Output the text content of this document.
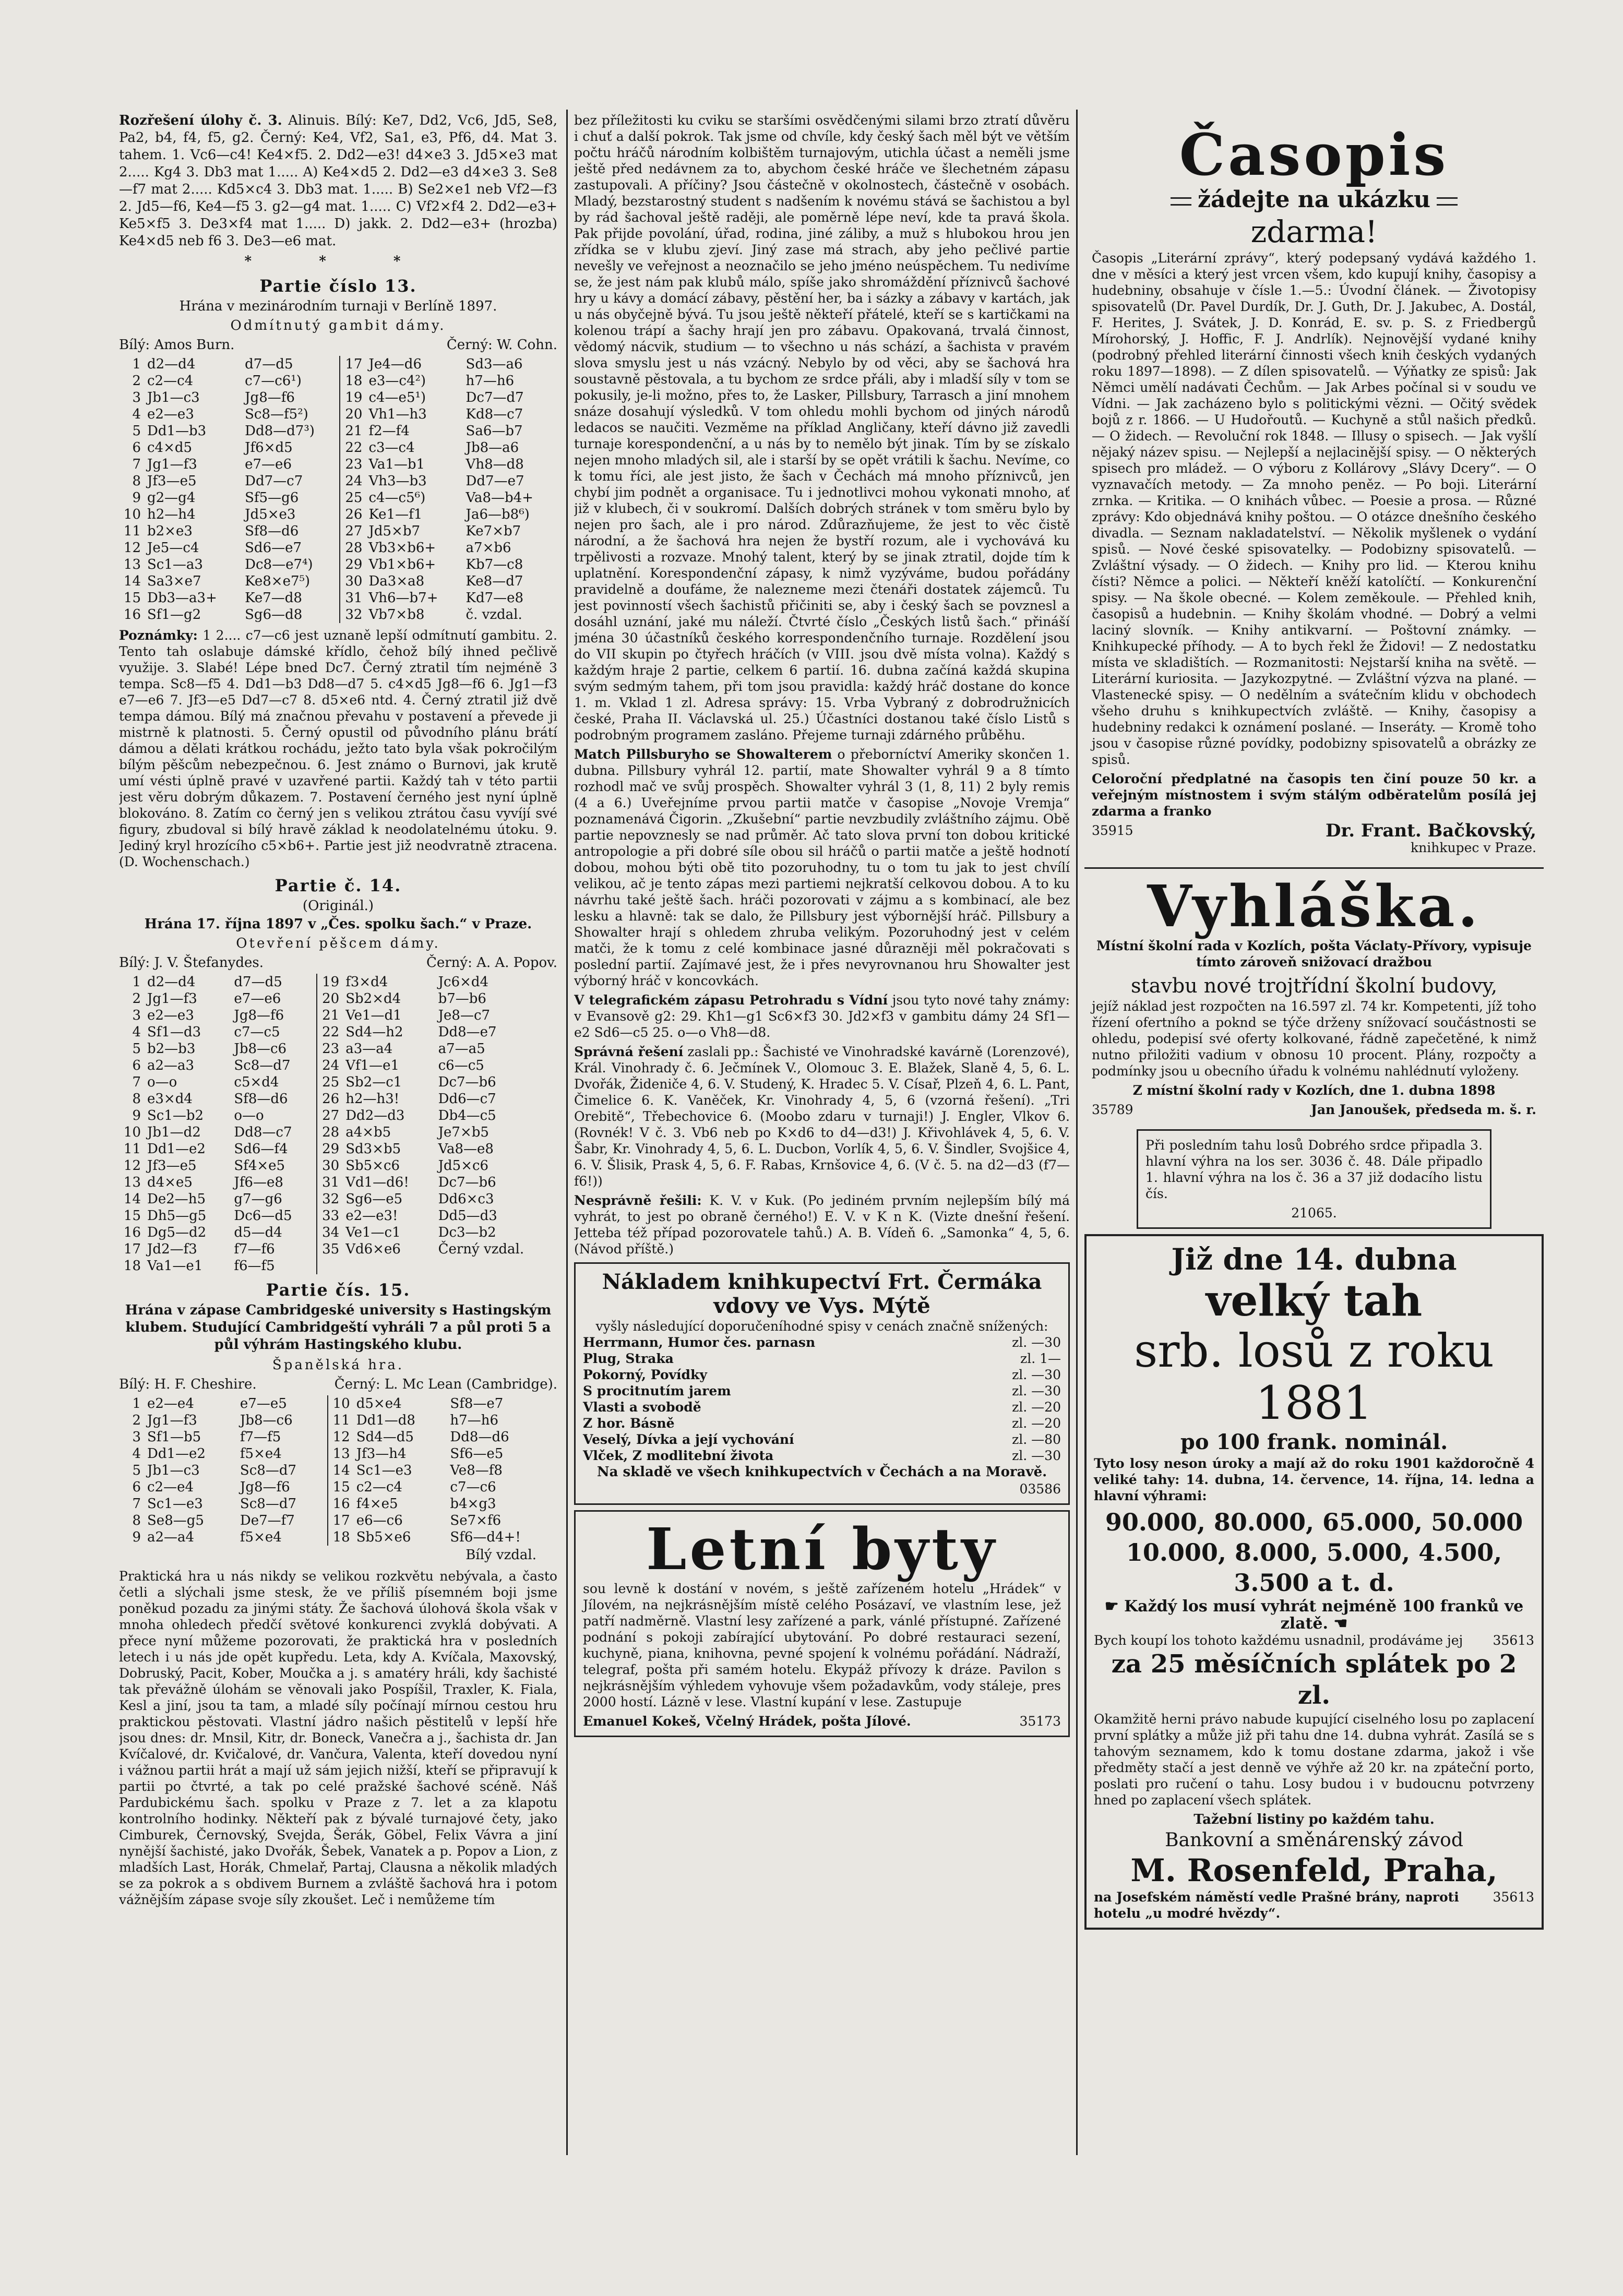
Rozřešení úlohy č. 3. Alinuis. Bílý: Ke7, Dd2, Vc6, Jd5, Se8, Pa2, b4, f4, f5, g2. Černý: Ke4, Vf2, Sa1, e3, Pf6, d4. Mat 3. tahem. 1. Vc6—c4! Ke4×f5. 2. Dd2—e3! d4×e3 3. Jd5×e3 mat 2..... Kg4 3. Db3 mat 1..... A) Ke4×d5 2. Dd2—e3 d4×e3 3. Se8—f7 mat 2..... Kd5×c4 3. Db3 mat. 1..... B) Se2×e1 neb Vf2—f3 2. Jd5—f6, Ke4—f5 3. g2—g4 mat. 1..... C) Vf2×f4 2. Dd2—e3+ Ke5×f5 3. De3×f4 mat 1..... D) jakk. 2. Dd2—e3+ (hrozba) Ke4×d5 neb f6 3. De3—e6 mat.

* * *
Partie číslo 13.
Hrána v mezinárodním turnaji v Berlíně 1897.
Odmítnutý gambit dámy.
Bílý: Amos Burn.	Černý: W. Cohn.
1	d2—d4	d7—d5	17	Je4—d6	Sd3—a6
2	c2—c4	c7—c6¹)	18	e3—c4²)	h7—h6
3	Jb1—c3	Jg8—f6	19	c4—e5¹)	Dc7—d7
4	e2—e3	Sc8—f5²)	20	Vh1—h3	Kd8—c7
5	Dd1—b3	Dd8—d7³)	21	f2—f4	Sa6—b7
6	c4×d5	Jf6×d5	22	c3—c4	Jb8—a6
7	Jg1—f3	e7—e6	23	Va1—b1	Vh8—d8
8	Jf3—e5	Dd7—c7	24	Vh3—b3	Dd7—e7
9	g2—g4	Sf5—g6	25	c4—c5⁶)	Va8—b4+
10	h2—h4	Jd5×e3	26	Ke1—f1	Ja6—b8⁶)
11	b2×e3	Sf8—d6	27	Jd5×b7	Ke7×b7
12	Je5—c4	Sd6—e7	28	Vb3×b6+	a7×b6
13	Sc1—a3	Dc8—e7⁴)	29	Vb1×b6+	Kb7—c8
14	Sa3×e7	Ke8×e7⁵)	30	Da3×a8	Ke8—d7
15	Db3—a3+	Ke7—d8	31	Vh6—b7+	Kd7—e8
16	Sf1—g2	Sg6—d8	32	Vb7×b8	č. vzdal.

Poznámky: 1 2.... c7—c6 jest uznaně lepší odmítnutí gambitu. 2. Tento tah oslabuje dámské křídlo, čehož bílý ihned pečlivě využije. 3. Slabé! Lépe bned Dc7. Černý ztratil tím nejméně 3 tempa. Sc8—f5 4. Dd1—b3 Dd8—d7 5. c4×d5 Jg8—f6 6. Jg1—f3 e7—e6 7. Jf3—e5 Dd7—c7 8. d5×e6 ntd. 4. Černý ztratil již dvě tempa dámou. Bílý má značnou převahu v postavení a převede ji mistrně k platnosti. 5. Černý opustil od původního plánu brátí dámou a dělati krátkou rochádu, ježto tato byla však pokročilým bílým pěšcům nebezpečnou. 6. Jest známo o Burnovi, jak krutě umí vésti úplně pravé v uzavřené partii. Každý tah v této partii jest věru dobrým důkazem. 7. Postavení černého jest nyní úplně blokováno. 8. Zatím co černý jen s velikou ztrátou času vyvíjí své figury, zbudoval si bílý hravě základ k neodolatelnému útoku. 9. Jediný kryl hrozícího c5×b6+. Partie jest již neodvratně ztracena. (D. Wochenschach.)

Partie č. 14.
(Originál.)
Hrána 17. října 1897 v „Čes. spolku šach.“ v Praze.
Otevření pěšcem dámy.
Bílý: J. V. Štefanydes.	Černý: A. A. Popov.
1	d2—d4	d7—d5	19	f3×d4	Jc6×d4
2	Jg1—f3	e7—e6	20	Sb2×d4	b7—b6
3	e2—e3	Jg8—f6	21	Ve1—d1	Je8—c7
4	Sf1—d3	c7—c5	22	Sd4—h2	Dd8—e7
5	b2—b3	Jb8—c6	23	a3—a4	a7—a5
6	a2—a3	Sc8—d7	24	Vf1—e1	c6—c5
7	o—o	c5×d4	25	Sb2—c1	Dc7—b6
8	e3×d4	Sf8—d6	26	h2—h3!	Dd6—c7
9	Sc1—b2	o—o	27	Dd2—d3	Db4—c5
10	Jb1—d2	Dd8—c7	28	a4×b5	Je7×b5
11	Dd1—e2	Sd6—f4	29	Sd3×b5	Va8—e8
12	Jf3—e5	Sf4×e5	30	Sb5×c6	Jd5×c6
13	d4×e5	Jf6—e8	31	Vd1—d6!	Dc7—b6
14	De2—h5	g7—g6	32	Sg6—e5	Dd6×c3
15	Dh5—g5	Dc6—d5	33	e2—e3!	Dd5—d3
16	Dg5—d2	d5—d4	34	Ve1—c1	Dc3—b2
17	Jd2—f3	f7—f6	35	Vd6×e6	Černý vzdal.
18	Va1—e1	f6—f5			
Partie čís. 15.

Hrána v zápase Cambridgeské university s Hastingským klubem. Studující Cambridgeští vyhráli 7 a půl proti 5 a půl výhrám Hastingského klubu.

Španělská hra.
Bílý: H. F. Cheshire.	Černý: L. Mc Lean (Cambridge).
1	e2—e4	e7—e5	10	d5×e4	Sf8—e7
2	Jg1—f3	Jb8—c6	11	Dd1—d8	h7—h6
3	Sf1—b5	f7—f5	12	Sd4—d5	Dd8—d6
4	Dd1—e2	f5×e4	13	Jf3—h4	Sf6—e5
5	Jb1—c3	Sc8—d7	14	Sc1—e3	Ve8—f8
6	c2—e4	Jg8—f6	15	c2—c4	c7—c6
7	Sc1—e3	Sc8—d7	16	f4×e5	b4×g3
8	Se8—g5	De7—f7	17	e6—c6	Se7×f6
9	a2—a4	f5×e4	18	Sb5×e6	Sf6—d4+!
Bílý vzdal.

Praktická hra u nás nikdy se velikou rozkvětu nebývala, a často četli a slýchali jsme stesk, že ve příliš písemném boji jsme poněkud pozadu za jinými státy. Že šachová úlohová škola však v mnoha ohledech předčí světové konkurenci zvyklá dobývati. A přece nyní můžeme pozorovati, že praktická hra v posledních letech i u nás jde opět kupředu. Leta, kdy A. Kvíčala, Maxovský, Dobruský, Pacit, Kober, Moučka a j. s amatéry hráli, kdy šachisté tak převážně úlohám se věnovali jako Pospíšil, Traxler, K. Fiala, Kesl a jiní, jsou ta tam, a mladé síly počínají mírnou cestou hru praktickou pěstovati. Vlastní jádro našich pěstitelů v lepší hře jsou dnes: dr. Mnsil, Kitr, dr. Boneck, Vanečra a j., šachista dr. Jan Kvíčalové, dr. Kvičalové, dr. Vančura, Valenta, kteří dovedou nyní i vážnou partii hrát a mají už sám jejich nižší, kteří se připravují k partii po čtvrté, a tak po celé pražské šachové scéně. Náš Pardubickému šach. spolku v Praze z 7. let a za klapotu kontrolního hodinky. Někteří pak z bývalé turnajové čety, jako Cimburek, Černovský, Svejda, Šerák, Göbel, Felix Vávra a jiní nynější šachisté, jako Dvořák, Šebek, Vanatek a p. Popov a Lion, z mladších Last, Horák, Chmelař, Partaj, Clausna a několik mladých se za pokrok a s obdivem Burnem a zvláště šachová hra i potom vážnějším zápase svoje síly zkoušet. Leč i nemůžeme tím

bez příležitosti ku cviku se staršími osvědčenými silami brzo ztratí důvěru i chuť a další pokrok. Tak jsme od chvíle, kdy český šach měl být ve větším počtu hráčů národním kolbištěm turnajovým, utichla účast a neměli jsme ještě před nedávnem za to, abychom české hráče ve šlechetném zápasu zastupovali. A příčiny? Jsou částečně v okolnostech, částečně v osobách. Mladý, bezstarostný student s nadšením k novému stává se šachistou a byl by rád šachoval ještě raději, ale poměrně lépe neví, kde ta pravá škola. Pak přijde povolání, úřad, rodina, jiné záliby, a muž s hlubokou hrou jen zřídka se v klubu zjeví. Jiný zase má strach, aby jeho pečlivé partie nevešly ve veřejnost a neoznačilo se jeho jméno neúspěchem. Tu nedivíme se, že jest nám pak klubů málo, spíše jako shromáždění příznivců šachové hry u kávy a domácí zábavy, pěstění her, ba i sázky a zábavy v kartách, jak u nás obyčejně bývá. Tu jsou ještě někteří přátelé, kteří se s kartičkami na kolenou trápí a šachy hrají jen pro zábavu. Opakovaná, trvalá činnost, vědomý nácvik, studium — to všechno u nás schází, a šachista v pravém slova smyslu jest u nás vzácný. Nebylo by od věci, aby se šachová hra soustavně pěstovala, a tu bychom ze srdce přáli, aby i mladší síly v tom se pokusily, je-li možno, přes to, že Lasker, Pillsbury, Tarrasch a jiní mnohem snáze dosahují výsledků. V tom ohledu mohli bychom od jiných národů ledacos se naučiti. Vezměme na příklad Angličany, kteří dávno již zavedli turnaje korespondenční, a u nás by to nemělo být jinak. Tím by se získalo nejen mnoho mladých sil, ale i starší by se opět vrátili k šachu. Nevíme, co k tomu říci, ale jest jisto, že šach v Čechách má mnoho příznivců, jen chybí jim podnět a organisace. Tu i jednotlivci mohou vykonati mnoho, ať již v klubech, či v soukromí. Dalších dobrých stránek v tom směru bylo by nejen pro šach, ale i pro národ. Zdůrazňujeme, že jest to věc čistě národní, a že šachová hra nejen že bystří rozum, ale i vychovává ku trpělivosti a rozvaze. Mnohý talent, který by se jinak ztratil, dojde tím k uplatnění. Korespondenční zápasy, k nimž vyzýváme, budou pořádány pravidelně a doufáme, že nalezneme mezi čtenáři dostatek zájemců. Tu jest povinností všech šachistů přičiniti se, aby i český šach se povznesl a dosáhl uznání, jaké mu náleží. Čtvrté číslo „Českých listů šach.“ přináší jména 30 účastníků českého korrespondenčního turnaje. Rozdělení jsou do VII skupin po čtyřech hráčích (v VIII. jsou dvě místa volna). Každý s každým hraje 2 partie, celkem 6 partií. 16. dubna začíná každá skupina svým sedmým tahem, při tom jsou pravidla: každý hráč dostane do konce 1. m. Vklad 1 zl. Adresa správy: 15. Vrba Vybraný z dobrodružnicích české, Praha II. Václavská ul. 25.) Účastníci dostanou také číslo Listů s podrobným programem zasláno. Přejeme turnaji zdárného průběhu.

Match Pillsburyho se Showalterem o přeborníctví Ameriky skončen 1. dubna. Pillsbury vyhrál 12. partií, mate Showalter vyhrál 9 a 8 tímto rozhodl mač ve svůj prospěch. Showalter vyhrál 3 (1, 8, 11) 2 byly remis (4 a 6.) Uveřejníme prvou partii matče v časopise „Novoje Vremja“ poznamenává Čigorin. „Zkušební“ partie nevzbudily zvláštního zájmu. Obě partie nepovznesly se nad průměr. Ač tato slova první ton dobou kritické antropologie a při dobré síle obou sil hráčů o partii matče a ještě hodnotí dobou, mohou býti obě tito pozoruhodny, tu o tom tu jak to jest chvílí velikou, ač je tento zápas mezi partiemi nejkratší celkovou dobou. A to ku návrhu také ještě šach. hráči pozorovati v zájmu a s kombinací, ale bez lesku a hlavně: tak se dalo, že Pillsbury jest výbornější hráč. Pillsbury a Showalter hrají s ohledem zhruba velikým. Pozoruhodný jest v celém matči, že k tomu z celé kombinace jasné důrazněji měl pokračovati s poslední partií. Zajímavé jest, že i přes nevyrovnanou hru Showalter jest výborný hráč v koncovkách.

V telegrafickém zápasu Petrohradu s Vídní jsou tyto nové tahy známy: v Evansově g2: 29. Kh1—g1 Sc6×f3 30. Jd2×f3 v gambitu dámy 24 Sf1—e2 Sd6—c5 25. o—o Vh8—d8.

Správná řešení zaslali pp.: Šachisté ve Vinohradské kavárně (Lorenzové), Král. Vinohrady č. 6. Ječmínek V., Olomouc 3. E. Blažek, Slaně 4, 5, 6. L. Dvořák, Žideniče 4, 6. V. Studený, K. Hradec 5. V. Císař, Plzeň 4, 6. L. Pant, Čimelice 6. K. Vaněček, Kr. Vinohrady 4, 5, 6 (vzorná řešení). „Tri Orebitě“, Třebechovice 6. (Moobo zdaru v turnaji!) J. Engler, Vlkov 6. (Rovnék! V č. 3. Vb6 neb po K×d6 to d4—d3!) J. Křivohlávek 4, 5, 6. V. Šabr, Kr. Vinohrady 4, 5, 6. L. Ducbon, Vorlík 4, 5, 6. V. Šindler, Svojšice 4, 6. V. Šlisik, Prask 4, 5, 6. F. Rabas, Krnšovice 4, 6. (V č. 5. na d2—d3 (f7—f6!))

Nesprávně řešili: K. V. v Kuk. (Po jediném prvním nejlepším bílý má vyhrát, to jest po obraně černého!) E. V. v K n K. (Vizte dnešní řešení. Jetteba též případ pozorovatele tahů.) A. B. Vídeň 6. „Samonka“ 4, 5, 6. (Návod příště.)

Nákladem knihkupectví Frt. Čermáka vdovy ve Vys. Mýtě
vyšly následující doporučeníhodné spisy v cenách značně snížených:
Herrmann, Humor čes. parnasn	zl. —30
Plug, Straka	zl. 1—
Pokorný, Povídky	zl. —30
S procitnutím jarem	zl. —30
Vlasti a svobodě	zl. —20
Z hor. Básně	zl. —20
Veselý, Dívka a její vychování	zl. —80
Vlček, Z modlitební života	zl. —30
Na skladě ve všech knihkupectvích v Čechách a na Moravě.
03586
Letní byty

sou levně k dostání v novém, s ještě zařízeném hotelu „Hrádek“ v Jílovém, na nejkrásnějším místě celého Posázaví, ve vlastním lese, jež patří nadměrně. Vlastní lesy zařízené a park, vánlé přístupné. Zařízené podnání s pokoji zabírající ubytování. Po dobré restauraci sezení, kuchyně, piana, knihovna, pevné spojení k volnému pořádání. Nádraží, telegraf, pošta při samém hotelu. Ekypáž přívozy k dráze. Pavilon s nejkrásnějším výhledem vyhovuje všem požadavkům, vody stáleje, pres 2000 hostí. Lázně v lese. Vlastní kupání v lese. Zastupuje

Emanuel Kokeš, Včelný Hrádek, pošta Jílové.	35173
Časopis
žádejte na ukázku
zdarma!

Časopis „Literární zprávy“, který podepsaný vydává každého 1. dne v měsíci a který jest vrcen všem, kdo kupují knihy, časopisy a hudebniny, obsahuje v čísle 1.—5.: Úvodní článek. — Životopisy spisovatelů (Dr. Pavel Durdík, Dr. J. Guth, Dr. J. Jakubec, A. Dostál, F. Herites, J. Svátek, J. D. Konrád, E. sv. p. S. z Friedbergů Mírohorský, J. Hoffic, F. J. Andrlík). Nejnovější vydané knihy (podrobný přehled literární činnosti všech knih českých vydaných roku 1897—1898). — Z dílen spisovatelů. — Výňatky ze spisů: Jak Němci umělí nadávati Čechům. — Jak Arbes počínal si v soudu ve Vídni. — Jak zacházeno bylo s politickými vězni. — Očitý svědek bojů z r. 1866. — U Hudořoutů. — Kuchyně a stůl našich předků. — O židech. — Revoluční rok 1848. — Illusy o spisech. — Jak vyšlí nějaký název spisu. — Nejlepší a nejlacinější spisy. — O některých spisech pro mládež. — O výboru z Kollárovy „Slávy Dcery“. — O vyznavačích metody. — Za mnoho peněz. — Po boji. Literární zrnka. — Kritika. — O knihách vůbec. — Poesie a prosa. — Různé zprávy: Kdo objednává knihy poštou. — O otázce dnešního českého divadla. — Seznam nakladatelství. — Několik myšlenek o vydání spisů. — Nové české spisovatelky. — Podobizny spisovatelů. — Zvláštní výsady. — O židech. — Knihy pro lid. — Kterou knihu čísti? Němce a polici. — Někteří kněží katolíčtí. — Konkurenční spisy. — Na škole obecné. — Kolem zeměkoule. — Přehled knih, časopisů a hudebnin. — Knihy školám vhodné. — Dobrý a velmi laciný slovník. — Knihy antikvarní. — Poštovní známky. — Knihkupecké příhody. — A to bych řekl že Židovi! — Z nedostatku místa ve skladištích. — Rozmanitosti: Nejstarší kniha na světě. — Literární kuriosita. — Jazykozpytné. — Zvláštní výzva na plané. — Vlastenecké spisy. — O nedělním a svátečním klidu v obchodech všeho druhu s knihkupectvích zvláště. — Knihy, časopisy a hudebniny redakci k oznámení poslané. — Inseráty. — Kromě toho jsou v časopise různé povídky, podobizny spisovatelů a obrázky ze spisů.

Celoroční předplatné na časopis ten činí pouze 50 kr. a veřejným místnostem i svým stálým odběratelům posílá jej zdarma a franko

35915	Dr. Frant. Bačkovský,
knihkupec v Praze.
Vyhláška.

Místní školní rada v Kozlích, pošta Václaty-Přívory, vypisuje tímto zároveň snižovací dražbou

stavbu nové trojtřídní školní budovy,

jejíž náklad jest rozpočten na 16.597 zl. 74 kr. Kompetenti, jíž toho řízení ofertního a poknd se týče drženy snížovací součástnosti se ohledu, podepisí své oferty kolkované, řádně zapečetěné, k nimž nutno přiložiti vadium v obnosu 10 procent. Plány, rozpočty a podmínky jsou u obecního úřadu k volnému nahlédnutí vyloženy.

Z místní školní rady v Kozlích, dne 1. dubna 1898

35789	Jan Janoušek, předseda m. š. r.

Při posledním tahu losů Dobrého srdce připadla 3. hlavní výhra na los ser. 3036 č. 48. Dále připadlo 1. hlavní výhra na los č. 36 a 37 již dodacího listu čís.

21065.
Již dne 14. dubna
velký tah
srb. losů z roku 1881
po 100 frank. nominál.

Tyto losy neson úroky a mají až do roku 1901 každoročně 4 veliké tahy: 14. dubna, 14. července, 14. října, 14. ledna a hlavní výhrami:

90.000, 80.000, 65.000, 50.000
10.000, 8.000, 5.000, 4.500,
3.500 a t. d.
☛ Každý los musí vyhrát nejméně 100 franků ve zlatě. ☚
Bych koupí los tohoto každému usnadnil, prodáváme jej 35613
za 25 měsíčních splátek po 2 zl.

Okamžitě hernі právo nabude kupující ciselného losu po zaplacení první splátky a může již při tahu dne 14. dubna vyhrát. Zasílá se s tahovým seznamem, kdo k tomu dostane zdarma, jakož i vše předměty stačí a jest denně ve výhře až 20 kr. na zpáteční porto, poslati pro ručení o tahu. Losy budou i v budoucnu potvrzeny hned po zaplacení všech splátek.

Tažební listiny po každém tahu.
Bankovní a směnárenský závod
M. Rosenfeld, Praha,
na Josefském náměstí vedle Prašné brány, naproti hotelu „u modré hvězdy“.
35613
